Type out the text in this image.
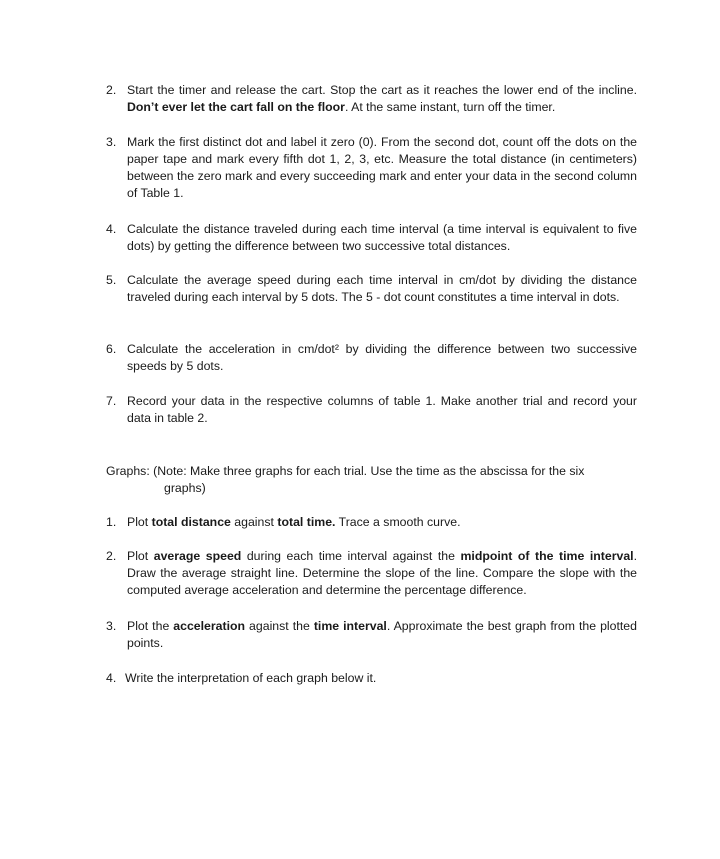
2. Start the timer and release the cart. Stop the cart as it reaches the lower end of the incline. Don’t ever let the cart fall on the floor. At the same instant, turn off the timer.

3. Mark the first distinct dot and label it zero (0). From the second dot, count off the dots on the paper tape and mark every fifth dot 1, 2, 3, etc. Measure the total distance (in centimeters) between the zero mark and every succeeding mark and enter your data in the second column of Table 1.

4. Calculate the distance traveled during each time interval (a time interval is equivalent to five dots) by getting the difference between two successive total distances.

5. Calculate the average speed during each time interval in cm/dot by dividing the distance traveled during each interval by 5 dots. The 5 - dot count constitutes a time interval in dots.

6. Calculate the acceleration in cm/dot² by dividing the difference between two successive speeds by 5 dots.

7. Record your data in the respective columns of table 1. Make another trial and record your data in table 2.

Graphs: (Note: Make three graphs for each trial. Use the time as the abscissa for the six
graphs)
1. Plot total distance against total time. Trace a smooth curve.

2. Plot average speed during each time interval against the midpoint of the time interval. Draw the average straight line. Determine the slope of the line. Compare the slope with the computed average acceleration and determine the percentage difference.

3. Plot the acceleration against the time interval. Approximate the best graph from the plotted points.

4. Write the interpretation of each graph below it.
